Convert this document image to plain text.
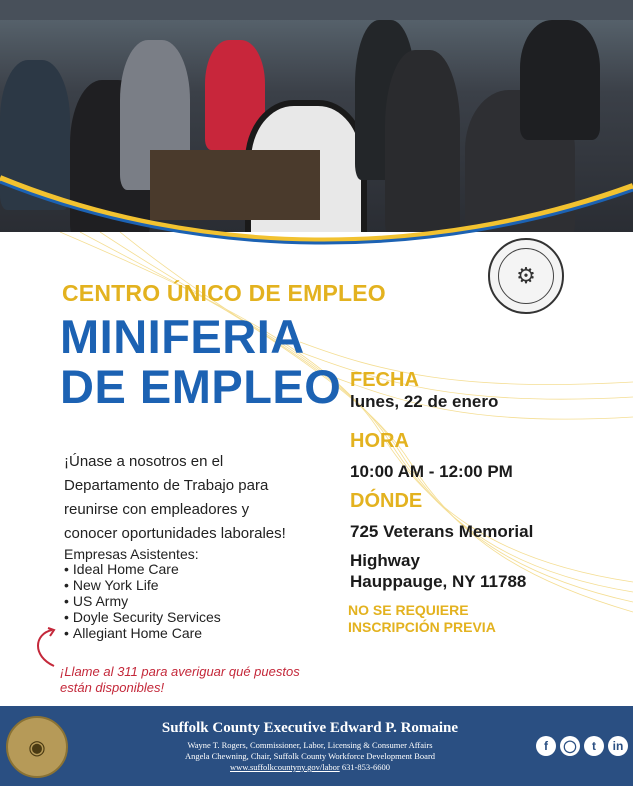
⚙
CENTRO ÚNICO DE EMPLEO
MINIFERIA
DE EMPLEO FECHA
lunes, 22 de enero
HORA
10:00 AM - 12:00 PM
DÓNDE
725 Veterans Memorial
Highway
Hauppauge, NY 11788
NO SE REQUIERE
INSCRIPCIÓN PREVIA
¡Únase a nosotros en el
Departamento de Trabajo para
reunirse con empleadores y
conocer oportunidades laborales!
Empresas Asistentes:
• Ideal Home Care
• New York Life
• US Army
• Doyle Security Services
• Allegiant Home Care
¡Llame al 311 para averiguar qué puestos
están disponibles!
◉
Suffolk County Executive Edward P. Romaine
Wayne T. Rogers, Commissioner, Labor, Licensing & Consumer Affairs
Angela Chewning, Chair, Suffolk County Workforce Development Board
www.suffolkcountyny.gov/labor 631-853-6600
f	◯	t	in
